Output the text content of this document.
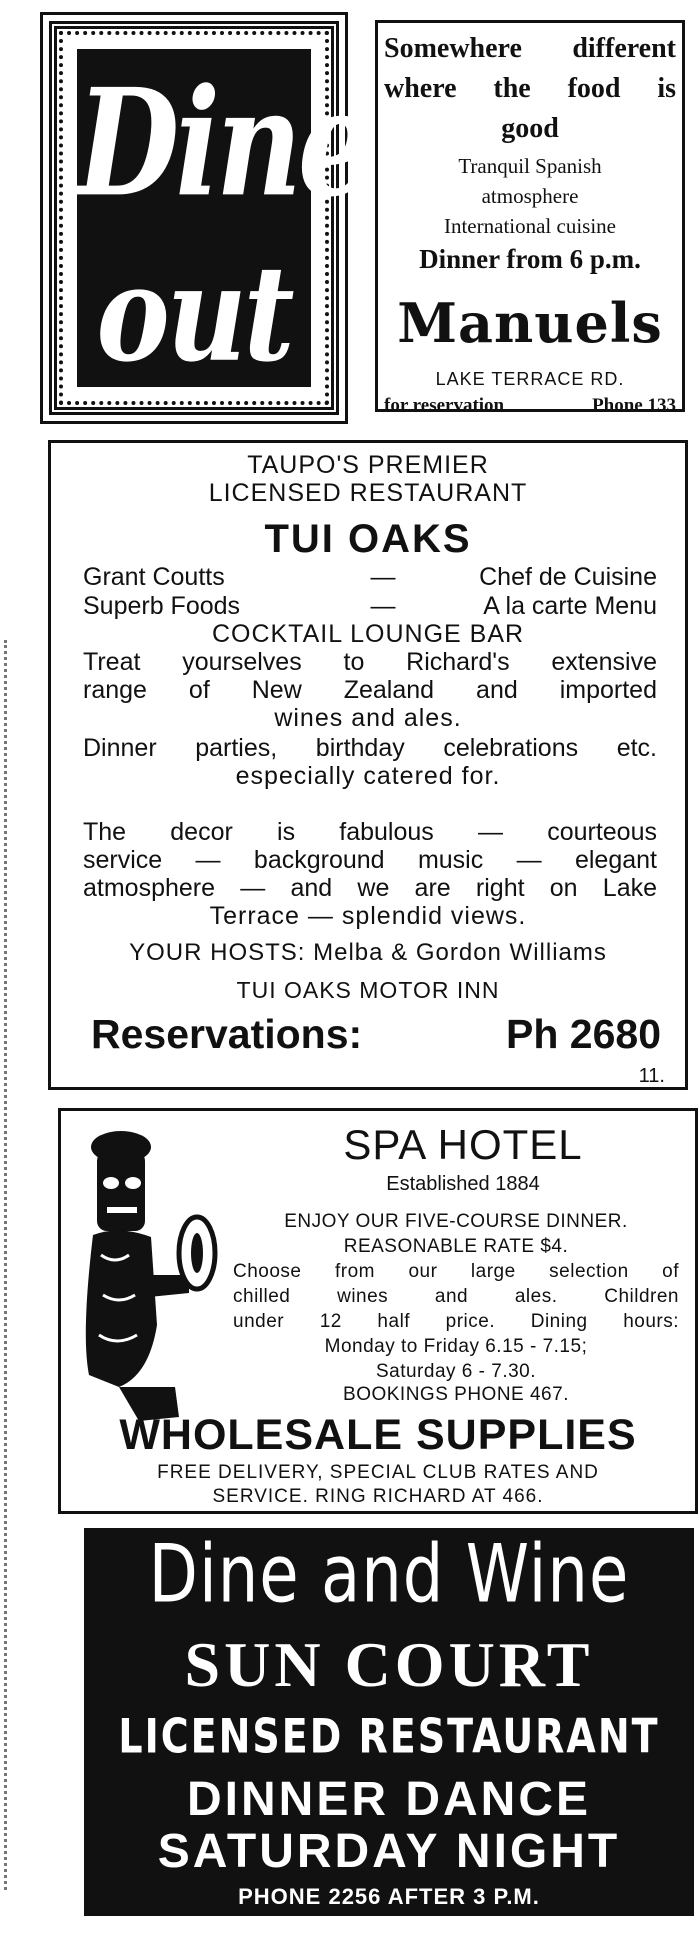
Dine
out
Somewhere different
where the food is
good
Tranquil Spanish
atmosphere
International cuisine
Dinner from 6 p.m.
Manuels
LAKE TERRACE RD.
for reservation	Phone 133
TAUPO'S PREMIER
LICENSED RESTAURANT
TUI OAKS
Grant Coutts	—	Chef de Cuisine
Superb Foods	—	A la carte Menu
COCKTAIL LOUNGE BAR
Treat yourselves to Richard's extensive
range of New Zealand and imported
wines and ales.
Dinner parties, birthday celebrations etc.
especially catered for.
The decor is fabulous — courteous
service — background music — elegant
atmosphere — and we are right on Lake
Terrace — splendid views.
YOUR HOSTS: Melba & Gordon Williams
TUI OAKS MOTOR INN
Reservations:	Ph 2680
11.
SPA HOTEL
Established 1884
ENJOY OUR FIVE-COURSE DINNER.
REASONABLE RATE $4.
Choose from our large selection of
chilled wines and ales. Children
under 12 half price. Dining hours:
Monday to Friday 6.15 - 7.15;
Saturday 6 - 7.30.
BOOKINGS PHONE 467.
WHOLESALE SUPPLIES
FREE DELIVERY, SPECIAL CLUB RATES AND
SERVICE. RING RICHARD AT 466.
Dine and Wine
SUN COURT
LICENSED RESTAURANT
DINNER DANCE
SATURDAY NIGHT
PHONE 2256 AFTER 3 P.M.
